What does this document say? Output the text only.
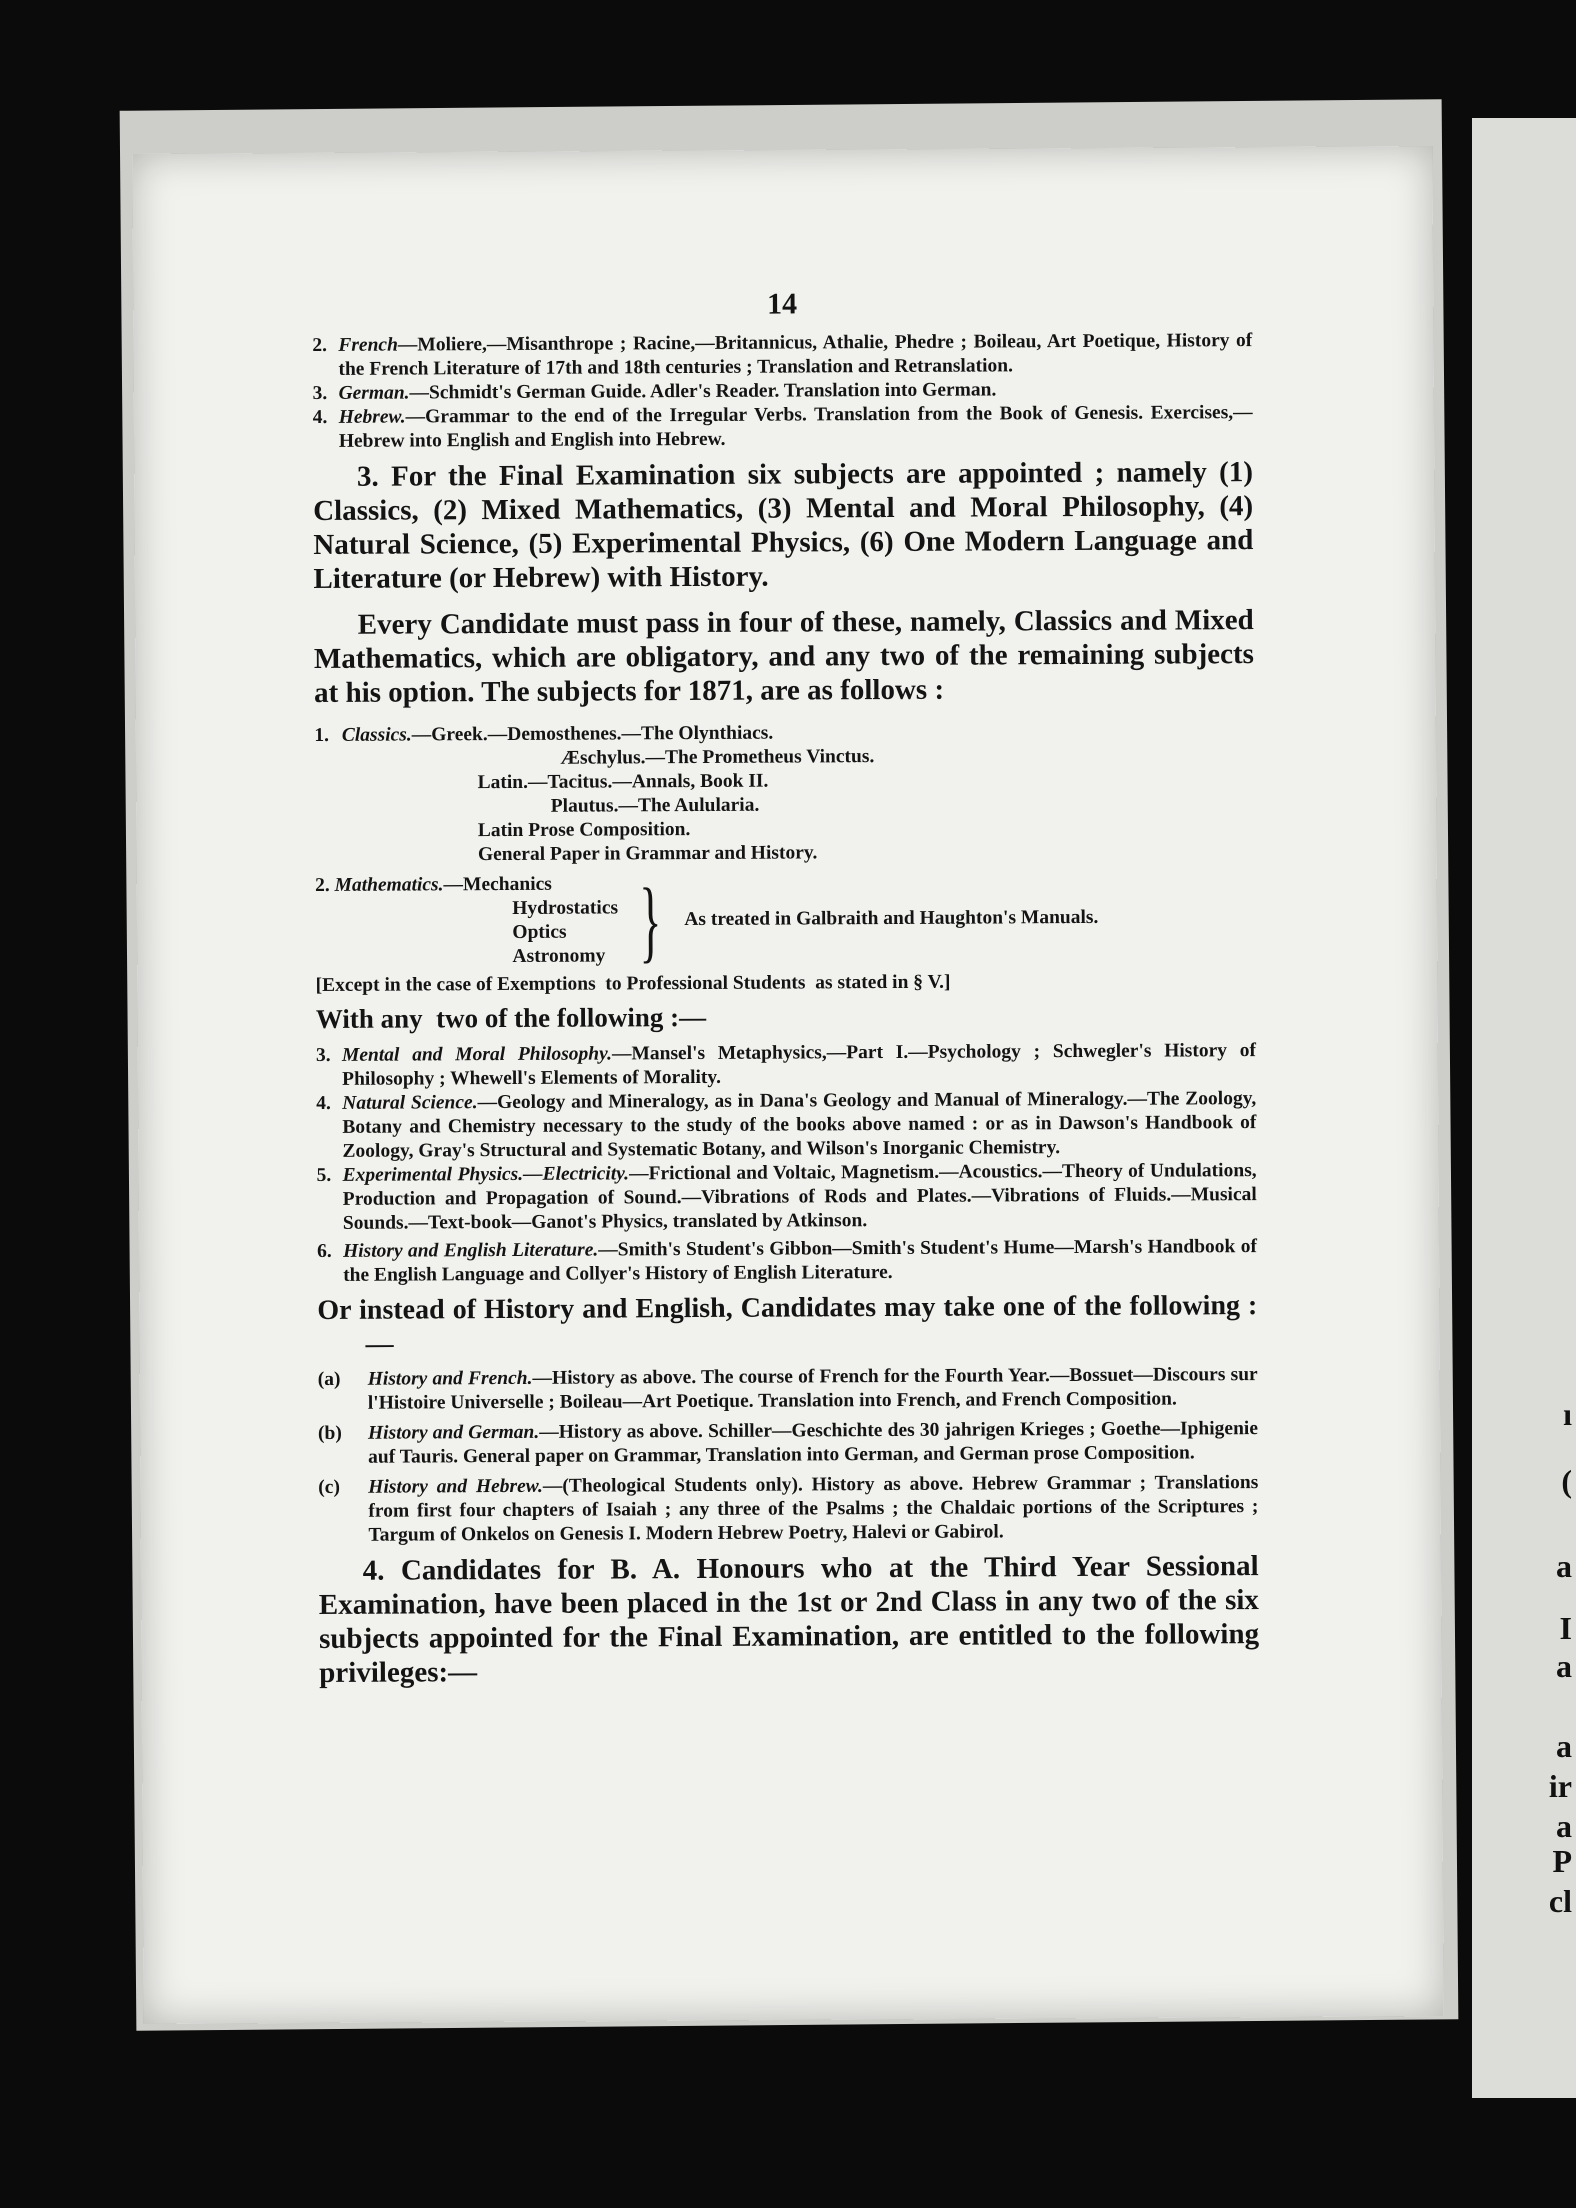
ı
(
a
I
a
a
ir
a
P
cl
14
2. French—Moliere,—Misanthrope ; Racine,—Britannicus, Athalie, Phedre ; Boileau, Art Poetique, History of the French Literature of 17th and 18th centuries ; Translation and Retranslation.
3. German.—Schmidt's German Guide. Adler's Reader. Translation into German.
4. Hebrew.—Grammar to the end of the Irregular Verbs. Translation from the Book of Genesis. Exercises,—Hebrew into English and English into Hebrew.

3. For the Final Examination six subjects are appointed ; namely (1) Classics, (2) Mixed Mathematics, (3) Mental and Moral Philosophy, (4) Natural Science, (5) Experimental Physics, (6) One Modern Language and Literature (or Hebrew) with History.

Every Candidate must pass in four of these, namely, Classics and Mixed Mathematics, which are obligatory, and any two of the remaining subjects at his option. The subjects for 1871, are as follows :

1. Classics.—Greek.—Demosthenes.—The Olynthiacs.
Æschylus.—The Prometheus Vinctus.
Latin.—Tacitus.—Annals, Book II.
Plautus.—The Aulularia.
Latin Prose Composition.
General Paper in Grammar and History.
2. Mathematics.—Mechanics
Hydrostatics
Optics
Astronomy } As treated in Galbraith and Haughton's Manuals.
[Except in the case of Exemptions  to Professional Students  as stated in § V.]
With any  two of the following :—
3. Mental and Moral Philosophy.—Mansel's Metaphysics,—Part I.—Psychology ; Schwegler's History of Philosophy ; Whewell's Elements of Morality.
4. Natural Science.—Geology and Mineralogy, as in Dana's Geology and Manual of Mineralogy.—The Zoology, Botany and Chemistry necessary to the study of the books above named : or as in Dawson's Handbook of Zoology, Gray's Structural and Systematic Botany, and Wilson's Inorganic Chemistry.
5. Experimental Physics.—Electricity.—Frictional and Voltaic, Magnetism.—Acoustics.—Theory of Undulations, Production and Propagation of Sound.—Vibrations of Rods and Plates.—Vibrations of Fluids.—Musical Sounds.—Text-book—Ganot's Physics, translated by Atkinson.
6. History and English Literature.—Smith's Student's Gibbon—Smith's Student's Hume—Marsh's Handbook of the English Language and Collyer's History of English Literature.

Or instead of History and English, Candidates may take one of the following :—

(a)	History and French.—History as above. The course of French for the Fourth Year.—Bossuet—Discours sur l'Histoire Universelle ; Boileau—Art Poetique. Translation into French, and French Composition.
(b)	History and German.—History as above. Schiller—Geschichte des 30 jahrigen Krieges ; Goethe—Iphigenie auf Tauris. General paper on Grammar, Translation into German, and German prose Composition.
(c)	History and Hebrew.—(Theological Students only). History as above. Hebrew Grammar ; Translations from first four chapters of Isaiah ; any three of the Psalms ; the Chaldaic portions of the Scriptures ; Targum of Onkelos on Genesis I. Modern Hebrew Poetry, Halevi or Gabirol.

4. Candidates for B. A. Honours who at the Third Year Sessional Examination, have been placed in the 1st or 2nd Class in any two of the six subjects appointed for the Final Examination, are entitled to the following privileges:—
